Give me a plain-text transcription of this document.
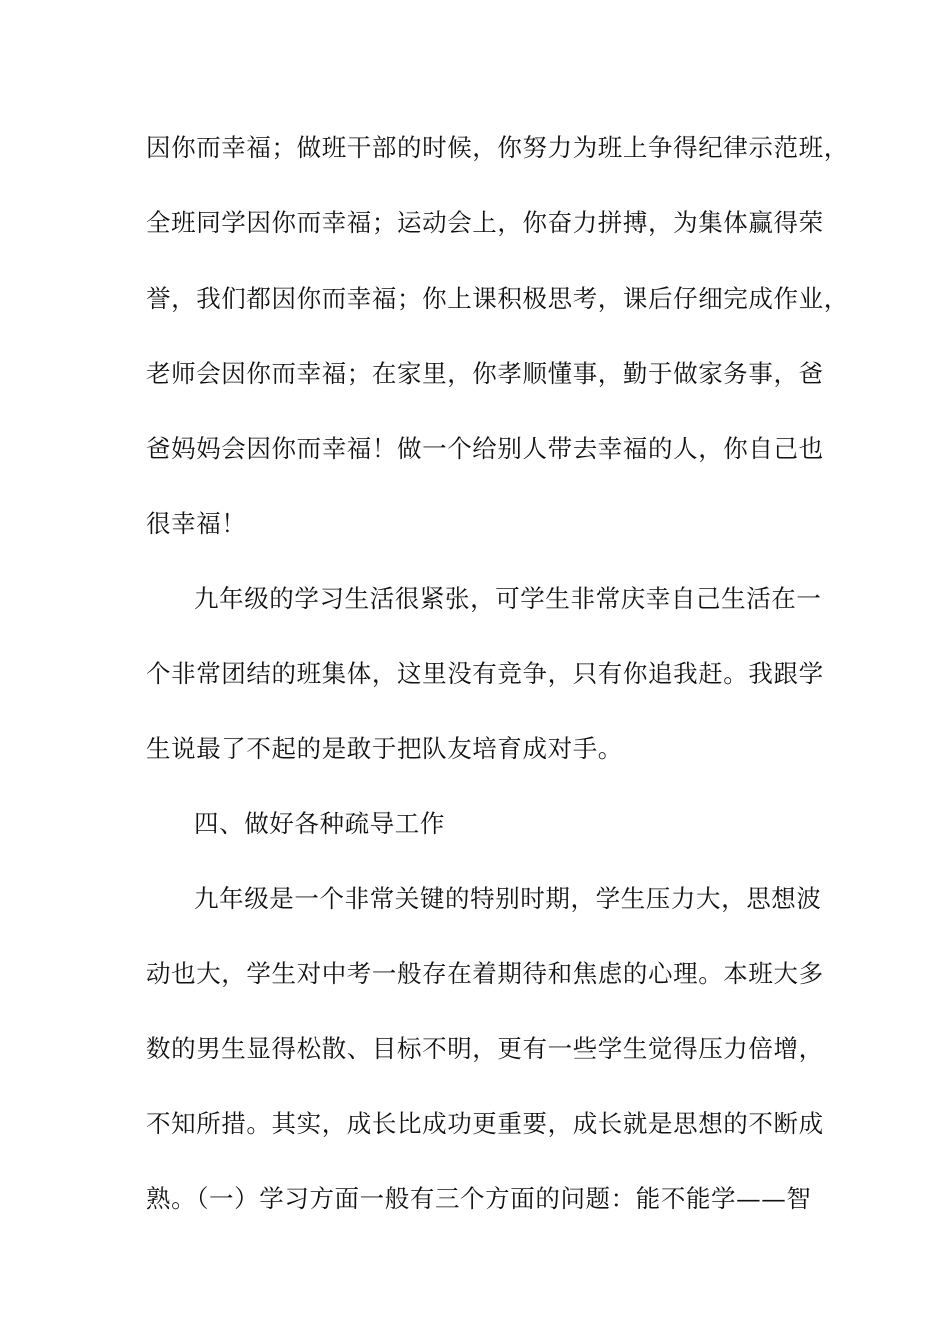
因你而幸福；做班干部的时候，你努力为班上争得纪律示范班，
全班同学因你而幸福；运动会上，你奋力拼搏，为集体赢得荣
誉，我们都因你而幸福；你上课积极思考，课后仔细完成作业，
老师会因你而幸福；在家里，你孝顺懂事，勤于做家务事，爸
爸妈妈会因你而幸福！做一个给别人带去幸福的人，你自己也
很幸福！
九年级的学习生活很紧张，可学生非常庆幸自己生活在一
个非常团结的班集体，这里没有竞争，只有你追我赶。我跟学
生说最了不起的是敢于把队友培育成对手。
四、做好各种疏导工作
九年级是一个非常关键的特别时期，学生压力大，思想波
动也大，学生对中考一般存在着期待和焦虑的心理。本班大多
数的男生显得松散、目标不明，更有一些学生觉得压力倍增，
不知所措。其实，成长比成功更重要，成长就是思想的不断成
熟。（一）学习方面一般有三个方面的问题：能不能学——智
